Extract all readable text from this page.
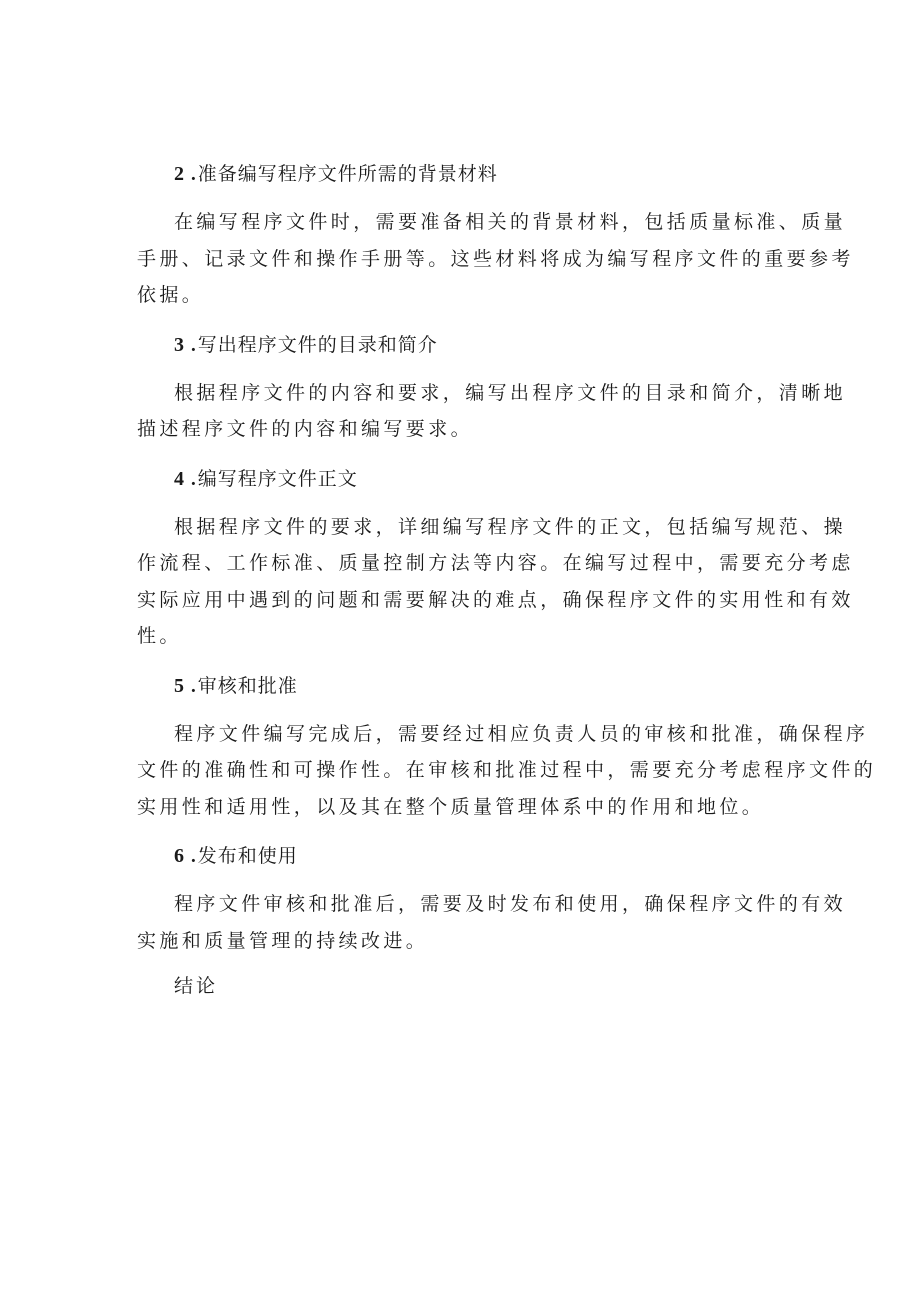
2 .准备编写程序文件所需的背景材料
在编写程序文件时，需要准备相关的背景材料，包括质量标准、质量
手册、记录文件和操作手册等。这些材料将成为编写程序文件的重要参考
依据。
3 .写出程序文件的目录和简介
根据程序文件的内容和要求，编写出程序文件的目录和简介，清晰地
描述程序文件的内容和编写要求。
4 .编写程序文件正文
根据程序文件的要求，详细编写程序文件的正文，包括编写规范、操
作流程、工作标准、质量控制方法等内容。在编写过程中，需要充分考虑
实际应用中遇到的问题和需要解决的难点，确保程序文件的实用性和有效
性。
5 .审核和批准
程序文件编写完成后，需要经过相应负责人员的审核和批准，确保程序
文件的准确性和可操作性。在审核和批准过程中，需要充分考虑程序文件的
实用性和适用性，以及其在整个质量管理体系中的作用和地位。
6 .发布和使用
程序文件审核和批准后，需要及时发布和使用，确保程序文件的有效
实施和质量管理的持续改进。
结论
